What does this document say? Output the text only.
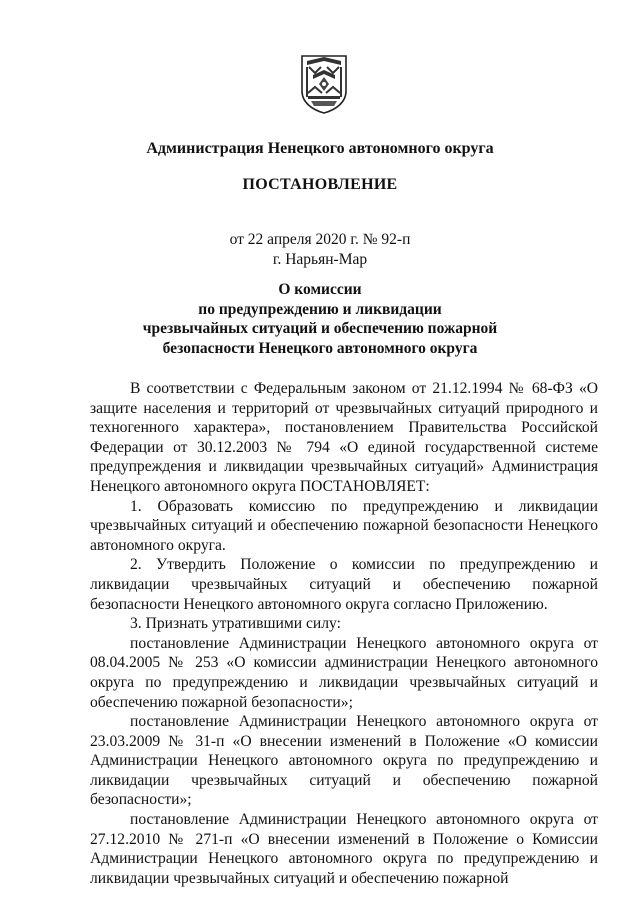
Администрация Ненецкого автономного округа
ПОСТАНОВЛЕНИЕ
от 22 апреля 2020 г. № 92-п
г. Нарьян-Мар
О комиссии
по предупреждению и ликвидации
чрезвычайных ситуаций и обеспечению пожарной
безопасности Ненецкого автономного округа

В соответствии с Федеральным законом от 21.12.1994 № 68-ФЗ «О защите населения и территорий от чрезвычайных ситуаций природного и техногенного характера», постановлением Правительства Российской Федерации от 30.12.2003 № 794 «О единой государственной системе предупреждения и ликвидации чрезвычайных ситуаций» Администрация Ненецкого автономного округа ПОСТАНОВЛЯЕТ:

1. Образовать комиссию по предупреждению и ликвидации чрезвычайных ситуаций и обеспечению пожарной безопасности Ненецкого автономного округа.

2. Утвердить Положение о комиссии по предупреждению и ликвидации чрезвычайных ситуаций и обеспечению пожарной безопасности Ненецкого автономного округа согласно Приложению.

3. Признать утратившими силу:

постановление Администрации Ненецкого автономного округа от 08.04.2005 № 253 «О комиссии администрации Ненецкого автономного округа по предупреждению и ликвидации чрезвычайных ситуаций и обеспечению пожарной безопасности»;

постановление Администрации Ненецкого автономного округа от 23.03.2009 № 31-п «О внесении изменений в Положение «О комиссии Администрации Ненецкого автономного округа по предупреждению и ликвидации чрезвычайных ситуаций и обеспечению пожарной безопасности»;

постановление Администрации Ненецкого автономного округа от 27.12.2010 № 271-п «О внесении изменений в Положение о Комиссии Администрации Ненецкого автономного округа по предупреждению и ликвидации чрезвычайных ситуаций и обеспечению пожарной
